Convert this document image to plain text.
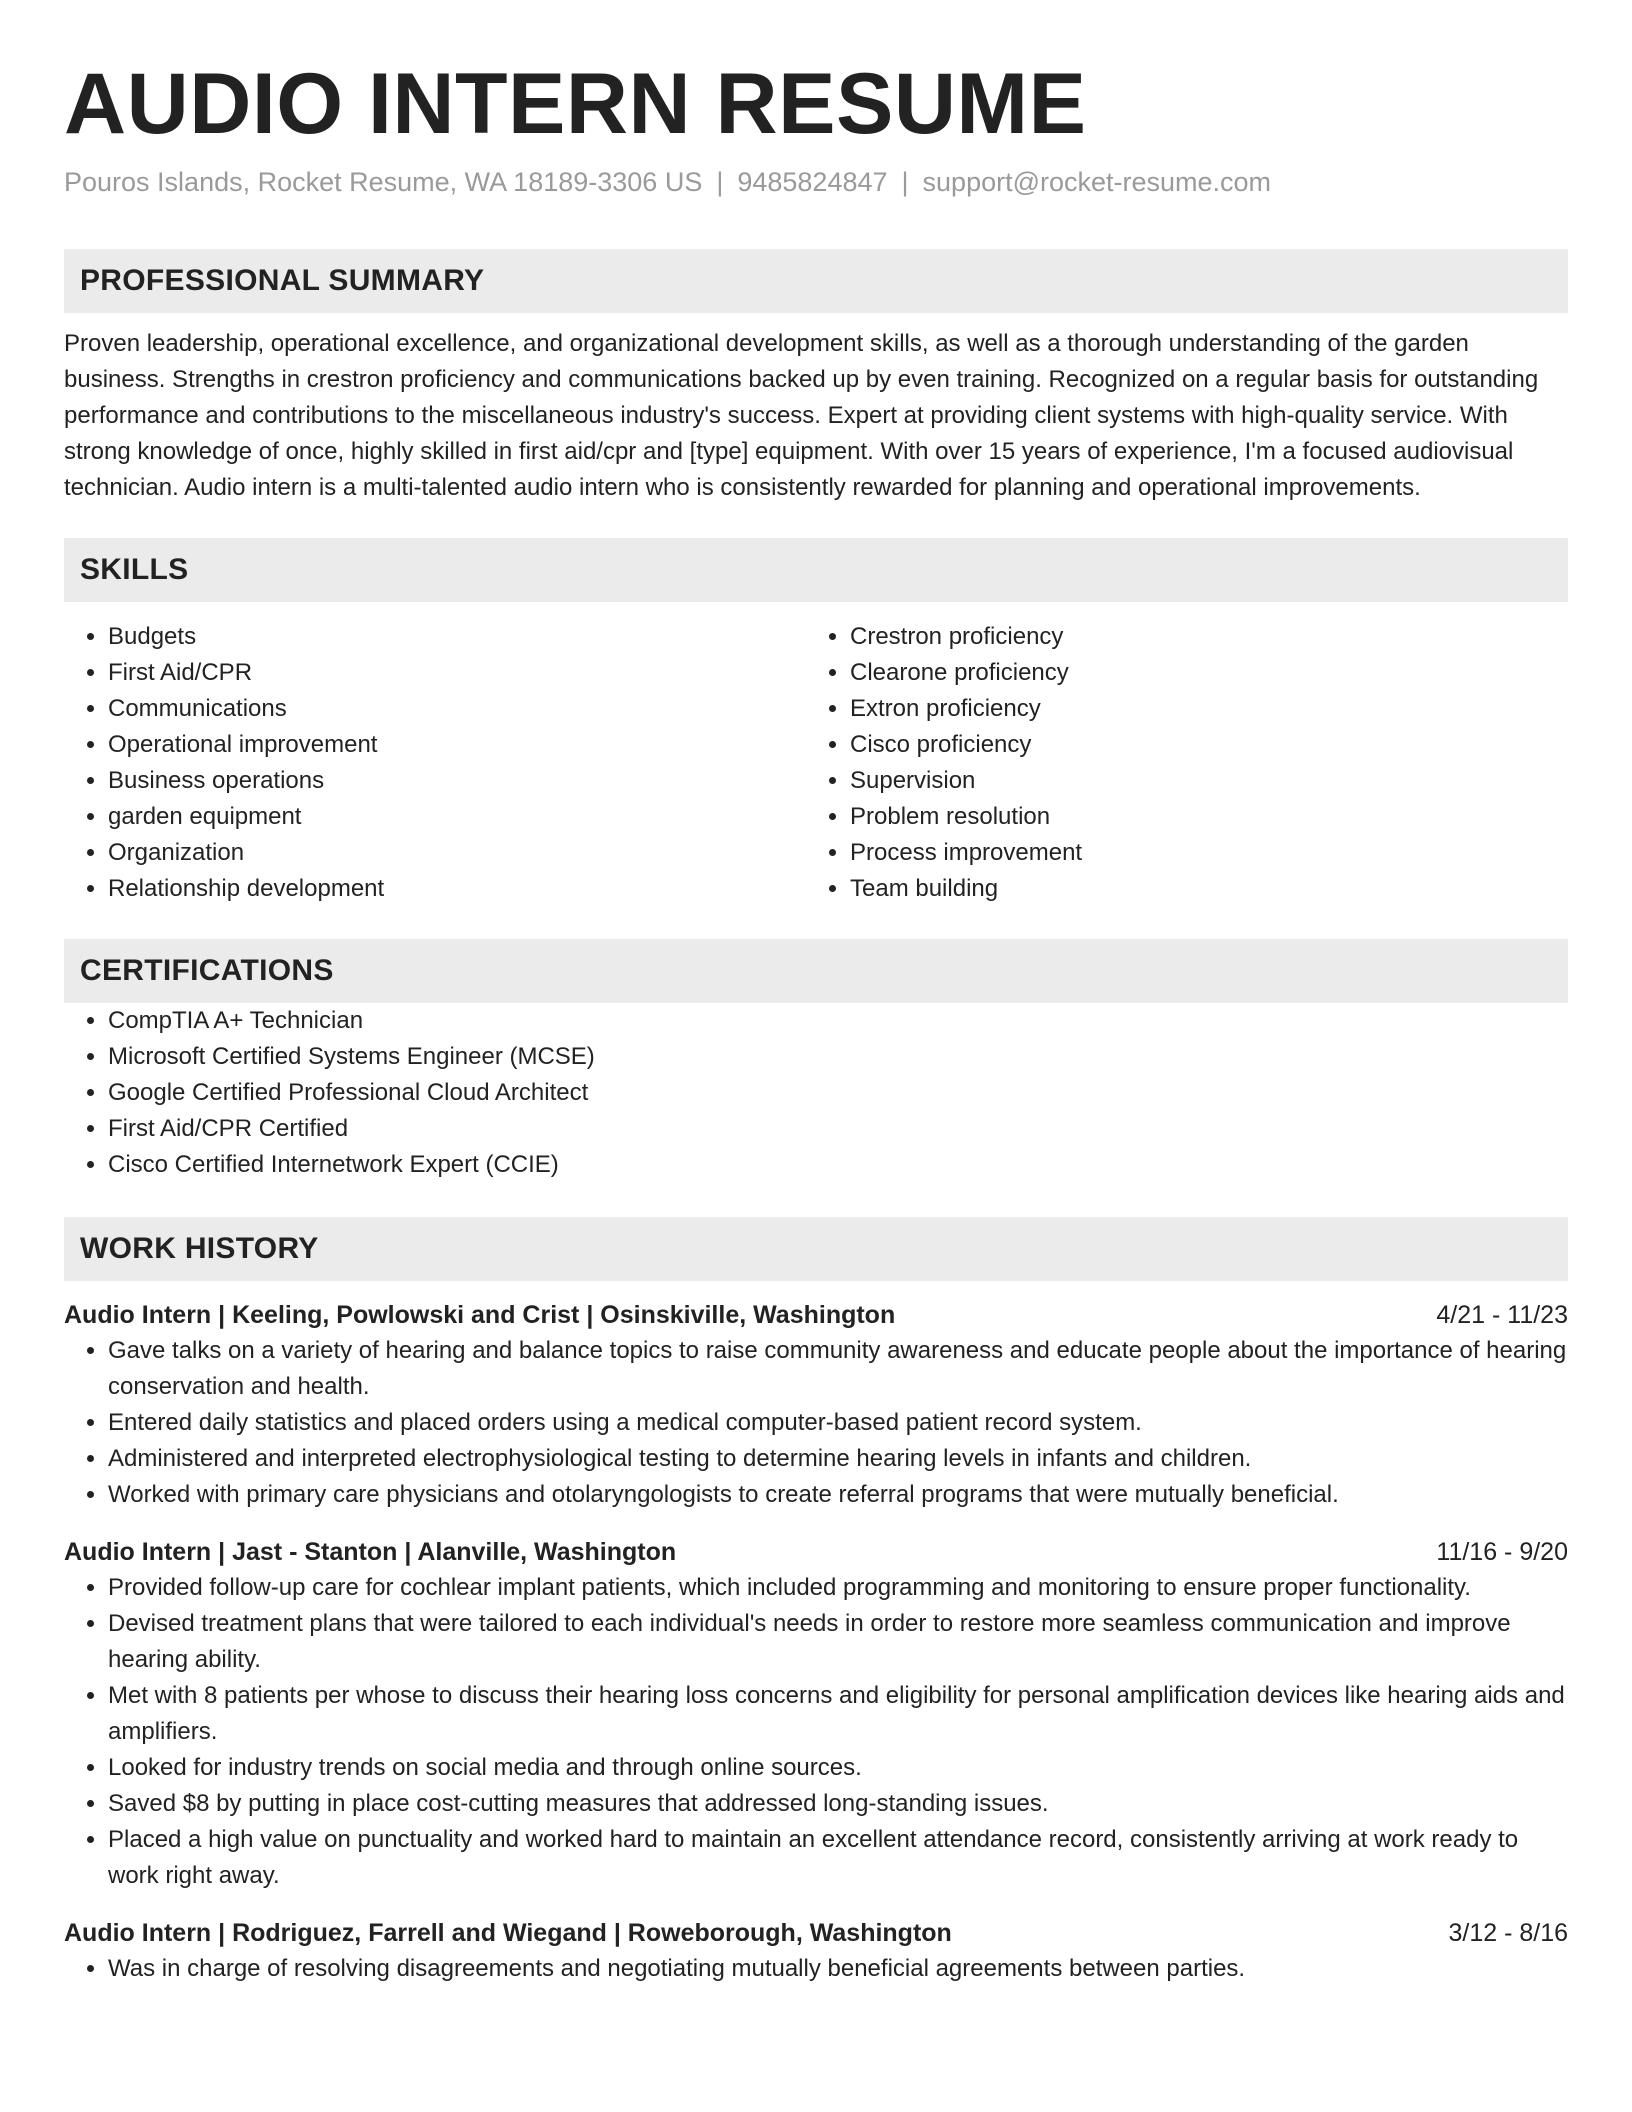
AUDIO INTERN RESUME
Pouros Islands, Rocket Resume, WA 18189-3306 US | 9485824847 | support@rocket-resume.com
PROFESSIONAL SUMMARY

Proven leadership, operational excellence, and organizational development skills, as well as a thorough understanding of the garden business. Strengths in crestron proficiency and communications backed up by even training. Recognized on a regular basis for outstanding performance and contributions to the miscellaneous industry's success. Expert at providing client systems with high-quality service. With strong knowledge of once, highly skilled in first aid/cpr and [type] equipment. With over 15 years of experience, I'm a focused audiovisual technician. Audio intern is a multi-talented audio intern who is consistently rewarded for planning and operational improvements.

SKILLS
• Budgets
• First Aid/CPR
• Communications
• Operational improvement
• Business operations
• garden equipment
• Organization
• Relationship development
• Crestron proficiency
• Clearone proficiency
• Extron proficiency
• Cisco proficiency
• Supervision
• Problem resolution
• Process improvement
• Team building
CERTIFICATIONS
• CompTIA A+ Technician
• Microsoft Certified Systems Engineer (MCSE)
• Google Certified Professional Cloud Architect
• First Aid/CPR Certified
• Cisco Certified Internetwork Expert (CCIE)
WORK HISTORY
Audio Intern | Keeling, Powlowski and Crist | Osinskiville, Washington	4/21 - 11/23
• Gave talks on a variety of hearing and balance topics to raise community awareness and educate people about the importance of hearing conservation and health.
• Entered daily statistics and placed orders using a medical computer-based patient record system.
• Administered and interpreted electrophysiological testing to determine hearing levels in infants and children.
• Worked with primary care physicians and otolaryngologists to create referral programs that were mutually beneficial.
Audio Intern | Jast - Stanton | Alanville, Washington	11/16 - 9/20
• Provided follow-up care for cochlear implant patients, which included programming and monitoring to ensure proper functionality.
• Devised treatment plans that were tailored to each individual's needs in order to restore more seamless communication and improve hearing ability.
• Met with 8 patients per whose to discuss their hearing loss concerns and eligibility for personal amplification devices like hearing aids and amplifiers.
• Looked for industry trends on social media and through online sources.
• Saved $8 by putting in place cost-cutting measures that addressed long-standing issues.
• Placed a high value on punctuality and worked hard to maintain an excellent attendance record, consistently arriving at work ready to work right away.
Audio Intern | Rodriguez, Farrell and Wiegand | Roweborough, Washington	3/12 - 8/16
• Was in charge of resolving disagreements and negotiating mutually beneficial agreements between parties.
